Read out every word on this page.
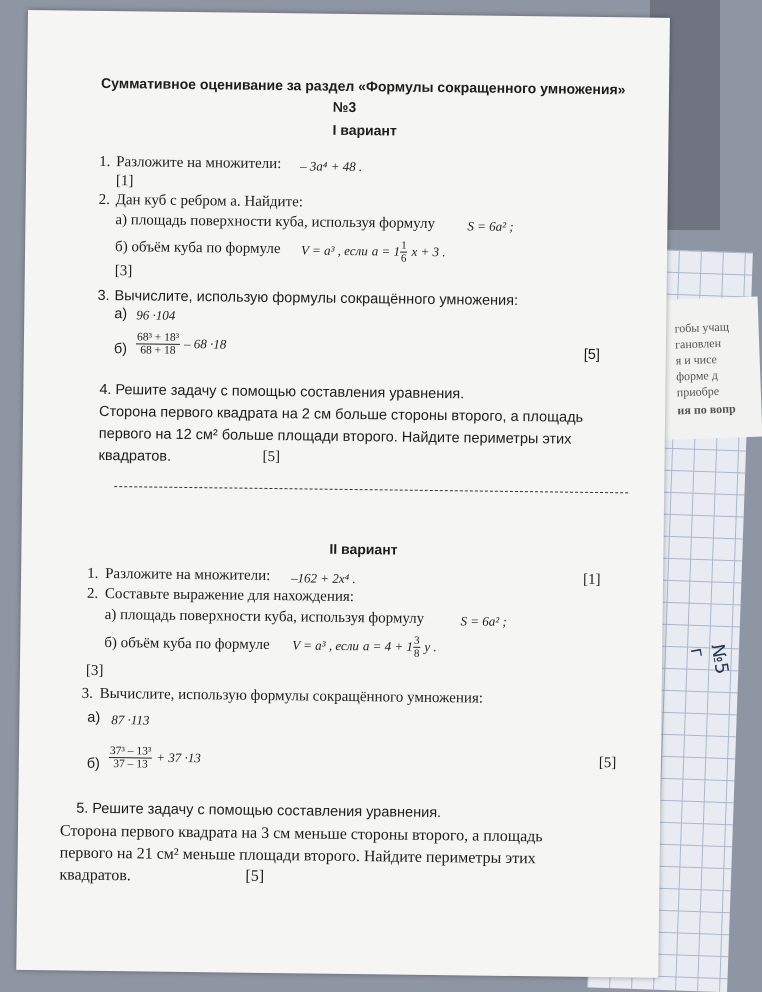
гобы учащ
гановлен
я и чисе
форме д
приобре
ия по вопр
№5 г
Суммативное оценивание за раздел «Формулы сокращенного умножения»
№3
I вариант
1. Разложите на множители: – 3a⁴ + 48 .
[1]
2. Дан куб с ребром а. Найдите:
а) площадь поверхности куба, используя формулу S = 6a² ;
б) объём куба по формуле V = a³ , если $a = 1 \frac{1}{6}$ x + 3 .
[3]
3. Вычислите, использую формулы сокращённого умножения:
а) 96 ·104
$б) \frac{\text{68³ + 18³}}{68 + 18} - 68 \cdot 18$
[5]
4. Решите задачу с помощью составления уравнения.
Сторона первого квадрата на 2 см больше стороны второго, а площадь
первого на 12 см² больше площади второго. Найдите периметры этих
квадратов.	[5]
II вариант
1. Разложите на множители: –162 + 2x⁴ .	[1]
2. Составьте выражение для нахождения:
а) площадь поверхности куба, используя формулу	S = 6a² ;
б) объём куба по формуле V = a³ , если $a = 4 + 1 \frac{3}{8}$ y .
[3]
3. Вычислите, использую формулы сокращённого умножения:
а) 87 ·113
$б) \frac{\text{37³ – 13³}}{37 - 13} + 37 \cdot 13$	[5]
5. Решите задачу с помощью составления уравнения.
Сторона первого квадрата на 3 см меньше стороны второго, а площадь
первого на 21 см² меньше площади второго. Найдите периметры этих
квадратов.	[5]
